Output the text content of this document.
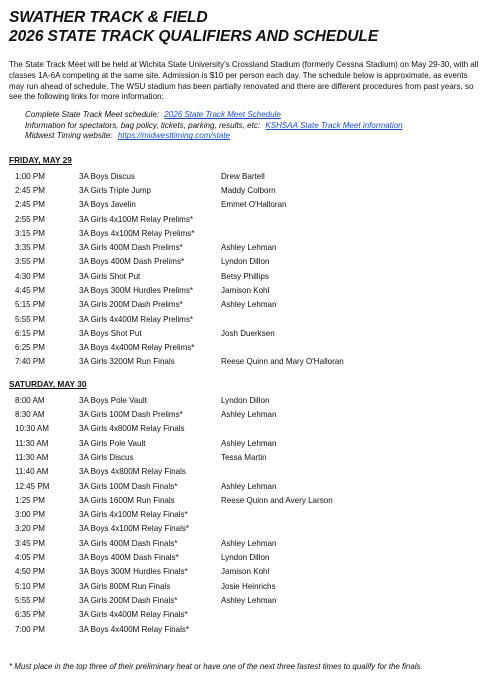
SWATHER TRACK & FIELD
2026 STATE TRACK QUALIFIERS AND SCHEDULE
The State Track Meet will be held at Wichita State University's Crossland Stadium (formerly Cessna Stadium) on May 29-30, with all classes 1A-6A competing at the same site. Admission is $10 per person each day. The schedule below is approximate, as events may run ahead of schedule. The WSU stadium has been partially renovated and there are different procedures from past years, so see the following links for more information:
Complete State Track Meet schedule: 2026 State Track Meet Schedule
Information for spectators, bag policy, tickets, parking, results, etc: KSHSAA State Track Meet information
Midwest Timing website: https://midwesttiming.com/state
FRIDAY, MAY 29
1:00 PM	3A Boys Discus	Drew Bartell
2:45 PM	3A Girls Triple Jump	Maddy Colborn
2:45 PM	3A Boys Javelin	Emmet O'Halloran
2:55 PM	3A Girls 4x100M Relay Prelims*	
3:15 PM	3A Boys 4x100M Relay Prelims*	
3:35 PM	3A Girls 400M Dash Prelims*	Ashley Lehman
3:55 PM	3A Boys 400M Dash Prelims*	Lyndon Dillon
4:30 PM	3A Girls Shot Put	Betsy Phillips
4:45 PM	3A Boys 300M Hurdles Prelims*	Jamison Kohl
5:15 PM	3A Girls 200M Dash Prelims*	Ashley Lehman
5:55 PM	3A Girls 4x400M Relay Prelims*	
6:15 PM	3A Boys Shot Put	Josh Duerksen
6:25 PM	3A Boys 4x400M Relay Prelims*	
7:40 PM	3A Girls 3200M Run Finals	Reese Quinn and Mary O'Halloran
SATURDAY, MAY 30
8:00 AM	3A Boys Pole Vault	Lyndon Dillon
8:30 AM	3A Girls 100M Dash Prelims*	Ashley Lehman
10:30 AM	3A Girls 4x800M Relay Finals	
11:30 AM	3A Girls Pole Vault	Ashley Lehman
11:30 AM	3A Girls Discus	Tessa Martin
11:40 AM	3A Boys 4x800M Relay Finals	
12:45 PM	3A Girls 100M Dash Finals*	Ashley Lehman
1:25 PM	3A Girls 1600M Run Finals	Reese Quinn and Avery Larson
3:00 PM	3A Girls 4x100M Relay Finals*	
3:20 PM	3A Boys 4x100M Relay Finals*	
3:45 PM	3A Girls 400M Dash Finals*	Ashley Lehman
4:05 PM	3A Boys 400M Dash Finals*	Lyndon Dillon
4:50 PM	3A Boys 300M Hurdles Finals*	Jamison Kohl
5:10 PM	3A Girls 800M Run Finals	Josie Heinrichs
5:55 PM	3A Girls 200M Dash Finals*	Ashley Lehman
6:35 PM	3A Girls 4x400M Relay Finals*	
7:00 PM	3A Boys 4x400M Relay Finals*	
* Must place in the top three of their preliminary heat or have one of the next three fastest times to qualify for the finals.
